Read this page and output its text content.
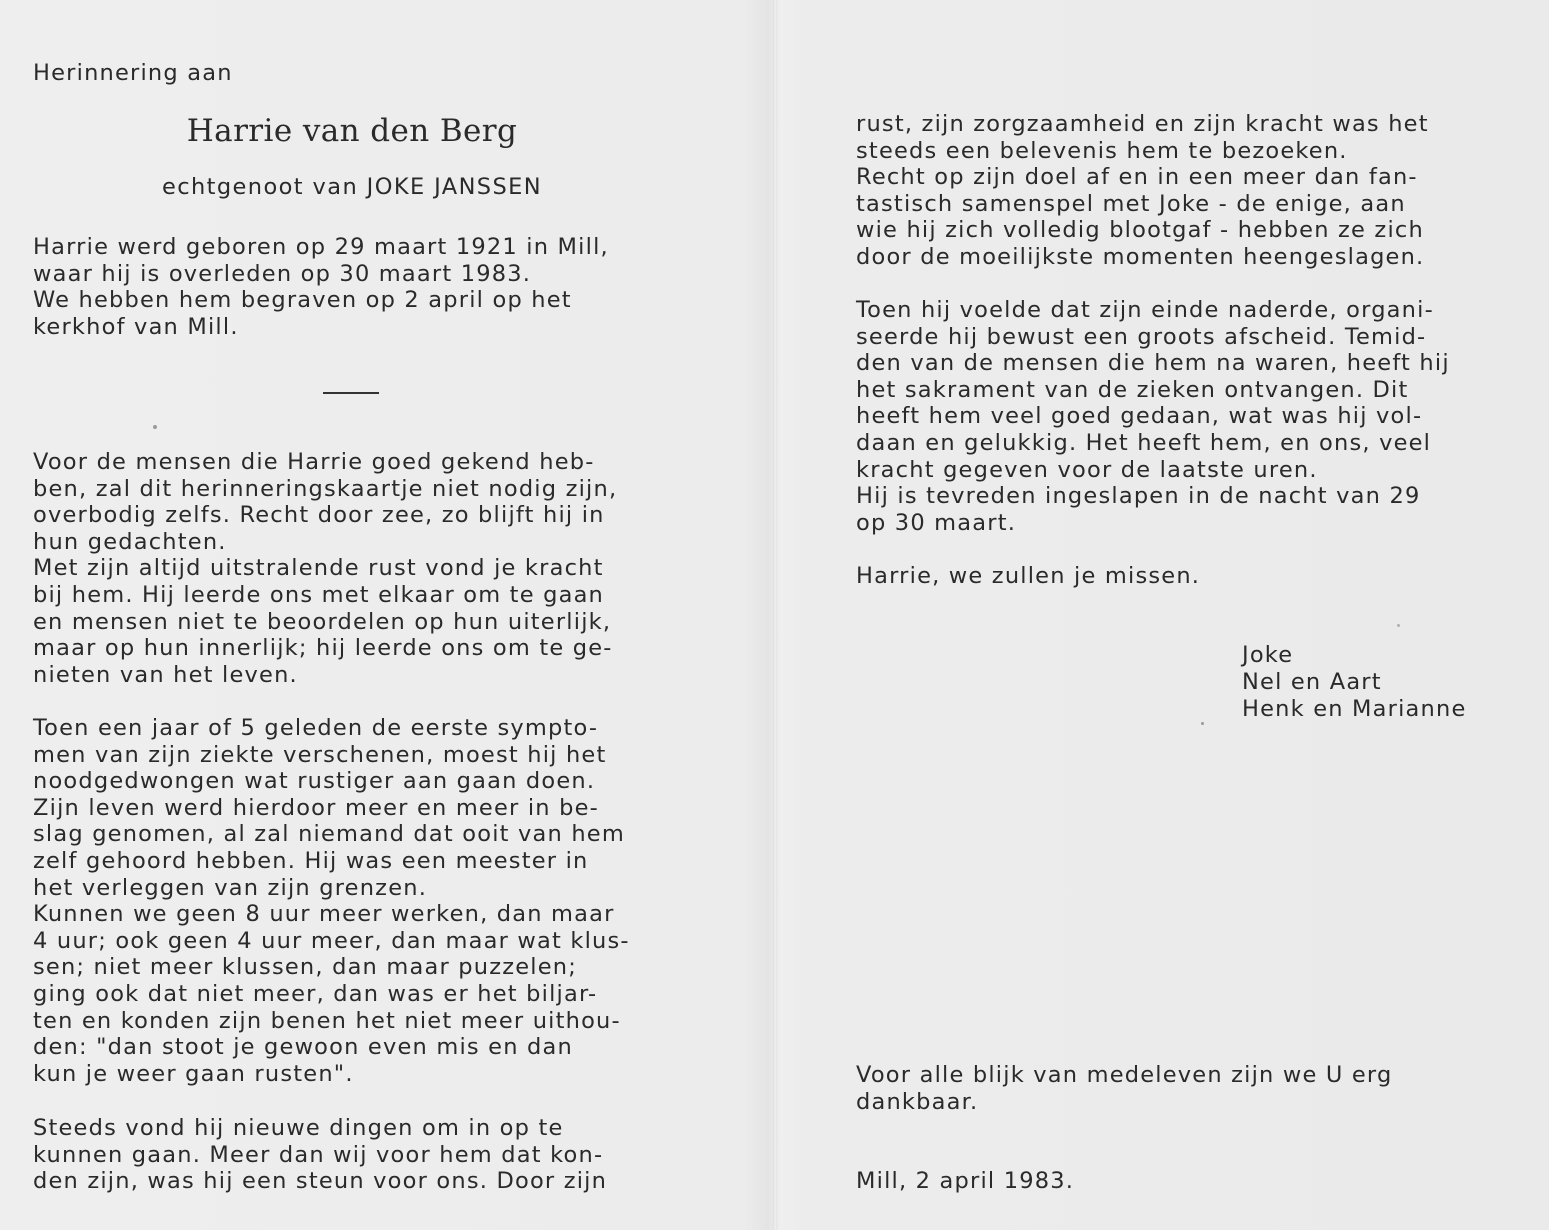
Herinnering aan

Harrie van den Berg
echtgenoot van JOKE JANSSEN

Harrie werd geboren op 29 maart 1921 in Mill,

waar hij is overleden op 30 maart 1983.

We hebben hem begraven op 2 april op het

kerkhof van Mill.

Voor de mensen die Harrie goed gekend heb-

ben, zal dit herinneringskaartje niet nodig zijn,

overbodig zelfs. Recht door zee, zo blijft hij in

hun gedachten.

Met zijn altijd uitstralende rust vond je kracht

bij hem. Hij leerde ons met elkaar om te gaan

en mensen niet te beoordelen op hun uiterlijk,

maar op hun innerlijk; hij leerde ons om te ge-

nieten van het leven.

Toen een jaar of 5 geleden de eerste sympto-

men van zijn ziekte verschenen, moest hij het

noodgedwongen wat rustiger aan gaan doen.

Zijn leven werd hierdoor meer en meer in be-

slag genomen, al zal niemand dat ooit van hem

zelf gehoord hebben. Hij was een meester in

het verleggen van zijn grenzen.

Kunnen we geen 8 uur meer werken, dan maar

4 uur; ook geen 4 uur meer, dan maar wat klus-

sen; niet meer klussen, dan maar puzzelen;

ging ook dat niet meer, dan was er het biljar-

ten en konden zijn benen het niet meer uithou-

den: "dan stoot je gewoon even mis en dan

kun je weer gaan rusten".

Steeds vond hij nieuwe dingen om in op te

kunnen gaan. Meer dan wij voor hem dat kon-

den zijn, was hij een steun voor ons. Door zijn

rust, zijn zorgzaamheid en zijn kracht was het

steeds een belevenis hem te bezoeken.

Recht op zijn doel af en in een meer dan fan-

tastisch samenspel met Joke - de enige, aan

wie hij zich volledig blootgaf - hebben ze zich

door de moeilijkste momenten heengeslagen.

Toen hij voelde dat zijn einde naderde, organi-

seerde hij bewust een groots afscheid. Temid-

den van de mensen die hem na waren, heeft hij

het sakrament van de zieken ontvangen. Dit

heeft hem veel goed gedaan, wat was hij vol-

daan en gelukkig. Het heeft hem, en ons, veel

kracht gegeven voor de laatste uren.

Hij is tevreden ingeslapen in de nacht van 29

op 30 maart.

Harrie, we zullen je missen.

Joke
Nel en Aart
Henk en Marianne

Voor alle blijk van medeleven zijn we U erg

dankbaar.

Mill, 2 april 1983.
